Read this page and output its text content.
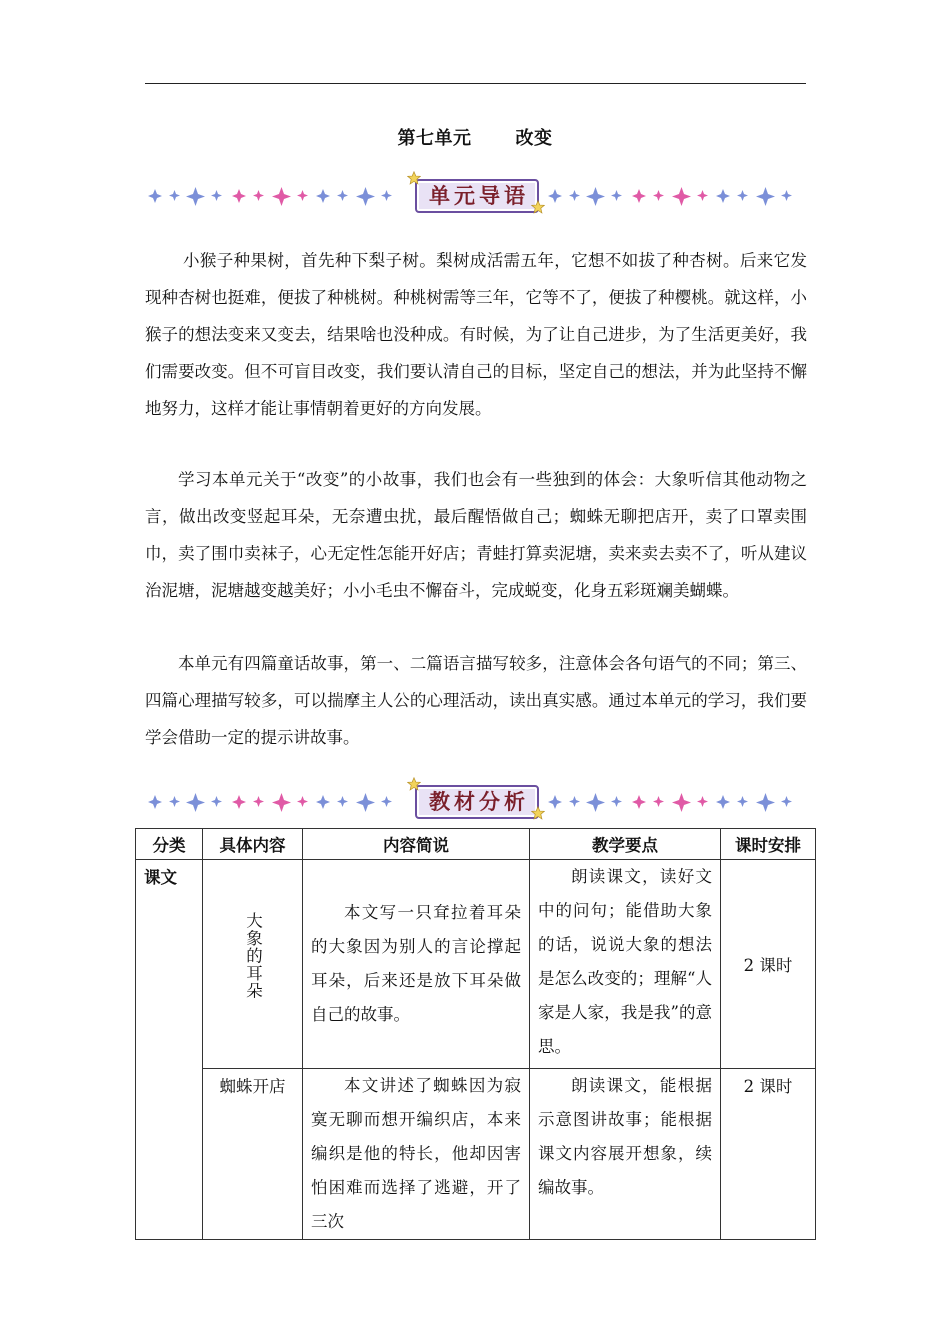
第七单元 改变
单元导语

小猴子种果树，首先种下梨子树。梨树成活需五年，它想不如拔了种杏树。后来它发现种杏树也挺难，便拔了种桃树。种桃树需等三年，它等不了，便拔了种樱桃。就这样，小猴子的想法变来又变去，结果啥也没种成。有时候，为了让自己进步，为了生活更美好，我们需要改变。但不可盲目改变，我们要认清自己的目标，坚定自己的想法，并为此坚持不懈地努力，这样才能让事情朝着更好的方向发展。

学习本单元关于“改变”的小故事，我们也会有一些独到的体会：大象听信其他动物之言，做出改变竖起耳朵，无奈遭虫扰，最后醒悟做自己；蜘蛛无聊把店开，卖了口罩卖围巾，卖了围巾卖袜子，心无定性怎能开好店；青蛙打算卖泥塘，卖来卖去卖不了，听从建议治泥塘，泥塘越变越美好；小小毛虫不懈奋斗，完成蜕变，化身五彩斑斓美蝴蝶。

本单元有四篇童话故事，第一、二篇语言描写较多，注意体会各句语气的不同；第三、四篇心理描写较多，可以揣摩主人公的心理活动，读出真实感。通过本单元的学习，我们要学会借助一定的提示讲故事。

教材分析
分类	具体内容	内容简说	教学要点	课时安排
课文	大象的耳朵	本文写一只耷拉着耳朵的大象因为别人的言论撑起耳朵，后来还是放下耳朵做自己的故事。	朗读课文，读好文中的问句；能借助大象的话，说说大象的想法是怎么改变的；理解“人家是人家，我是我”的意思。	2 课时
	蜘蛛开店	本文讲述了蜘蛛因为寂寞无聊而想开编织店，本来编织是他的特长，他却因害怕困难而选择了逃避，开了三次	朗读课文，能根据示意图讲故事；能根据课文内容展开想象，续编故事。	2 课时
